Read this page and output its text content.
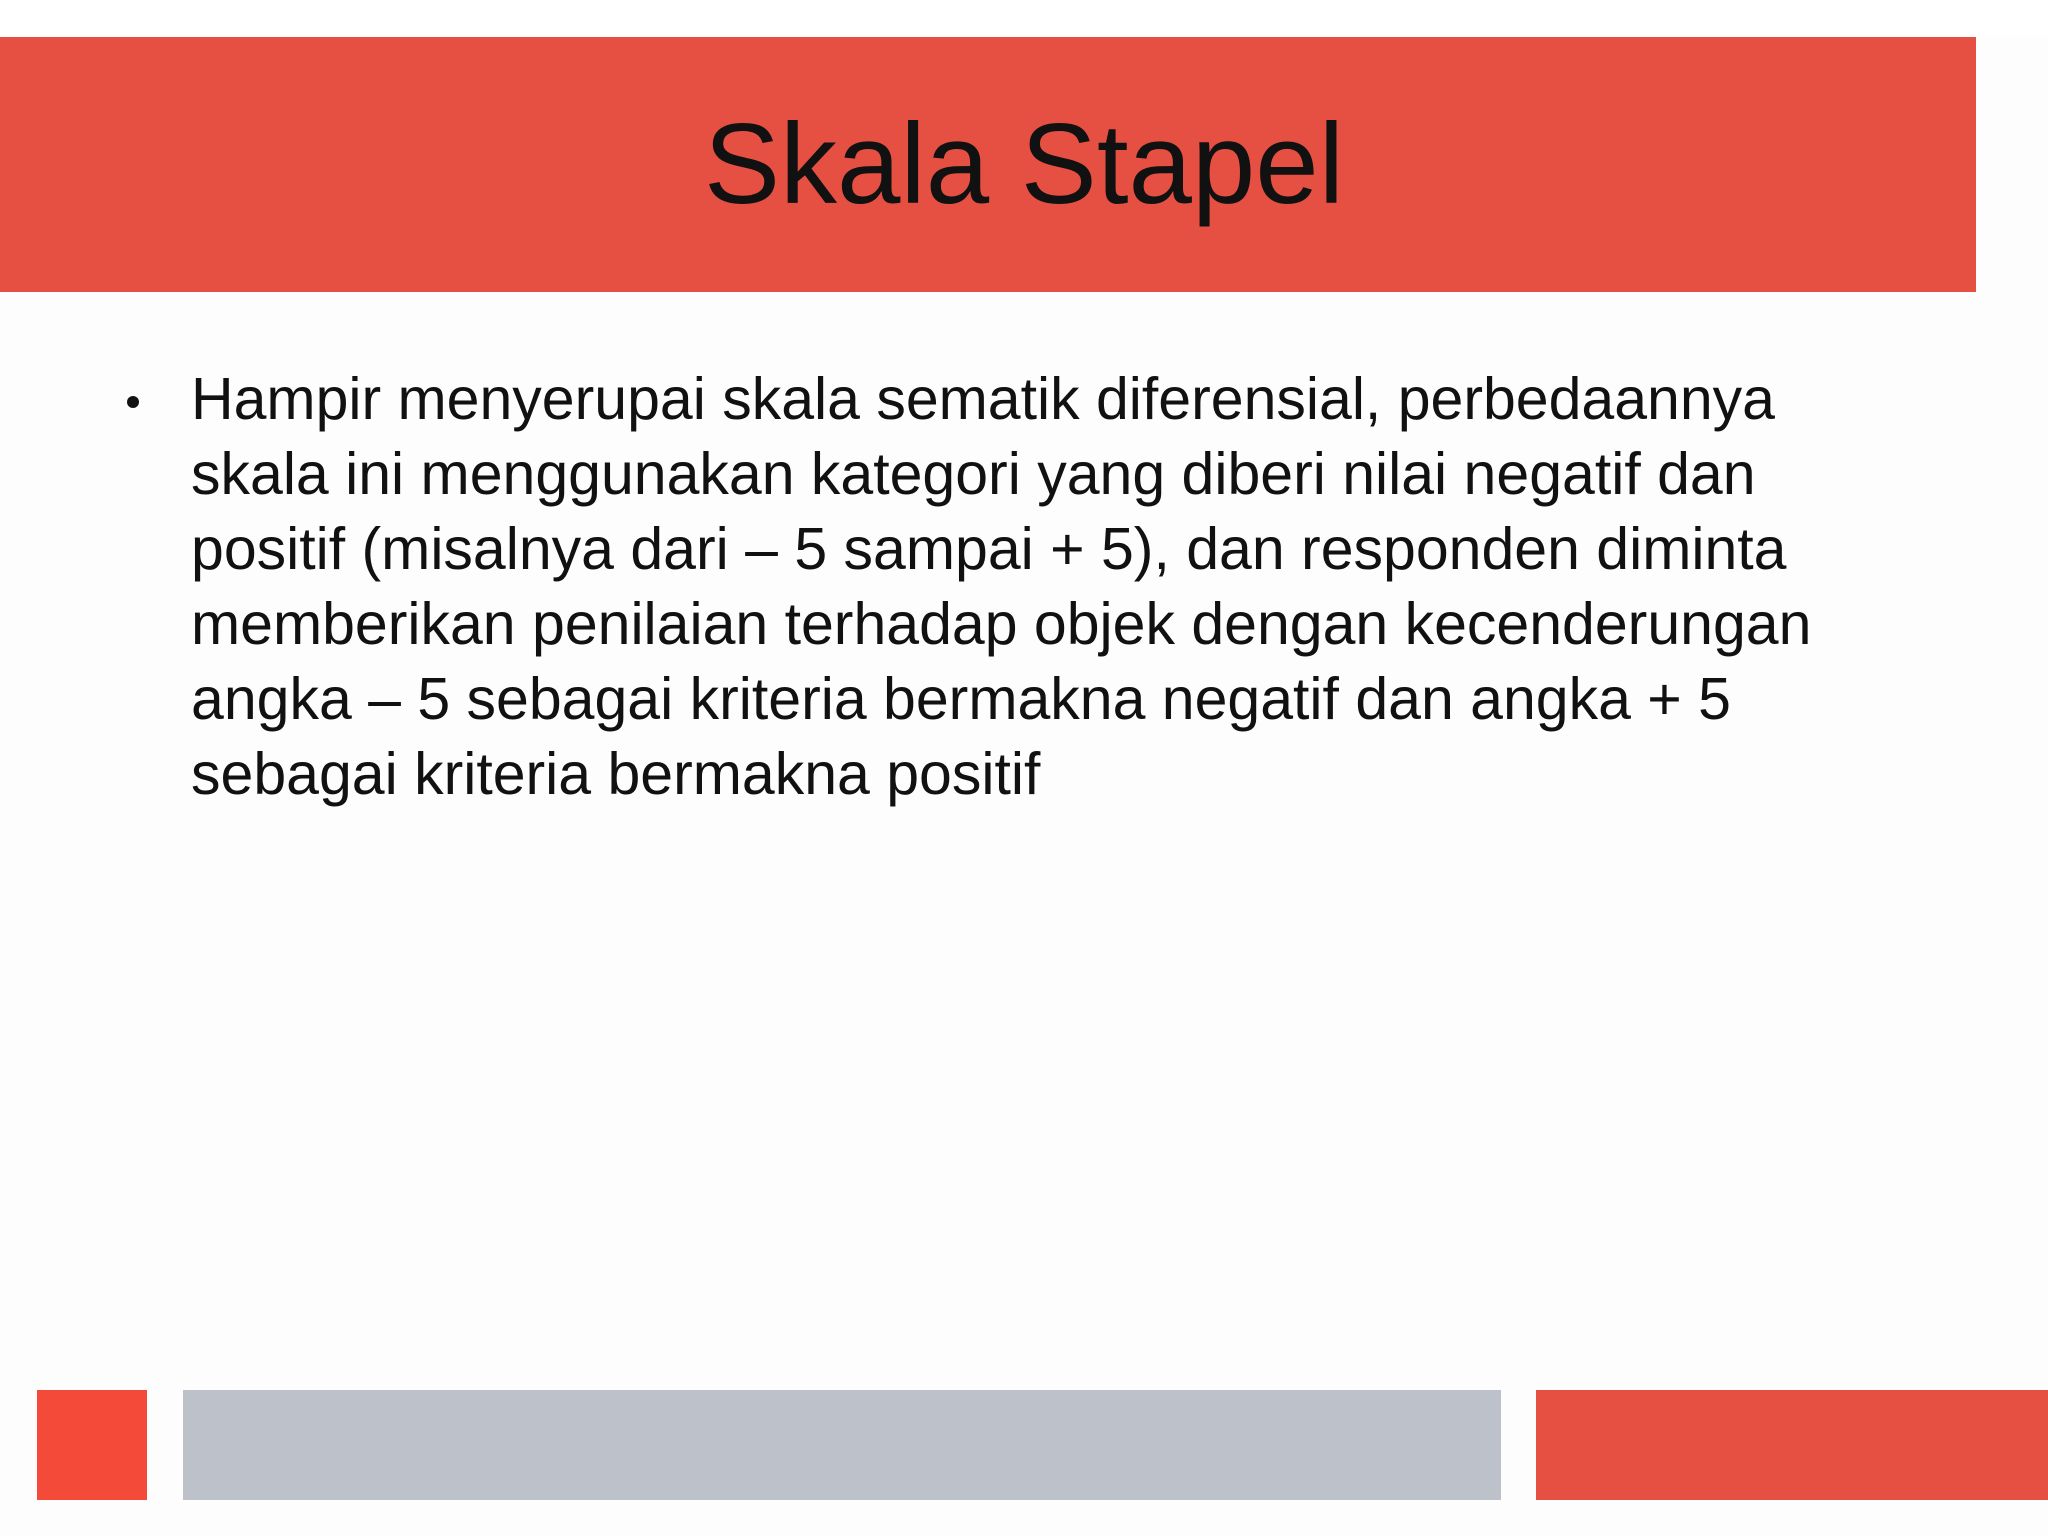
Skala Stapel
Hampir menyerupai skala sematik diferensial, perbedaannya skala ini menggunakan kategori yang diberi nilai negatif dan positif (misalnya dari – 5 sampai + 5), dan responden diminta memberikan penilaian terhadap objek dengan kecenderungan angka – 5 sebagai kriteria bermakna negatif dan angka + 5 sebagai kriteria bermakna positif
